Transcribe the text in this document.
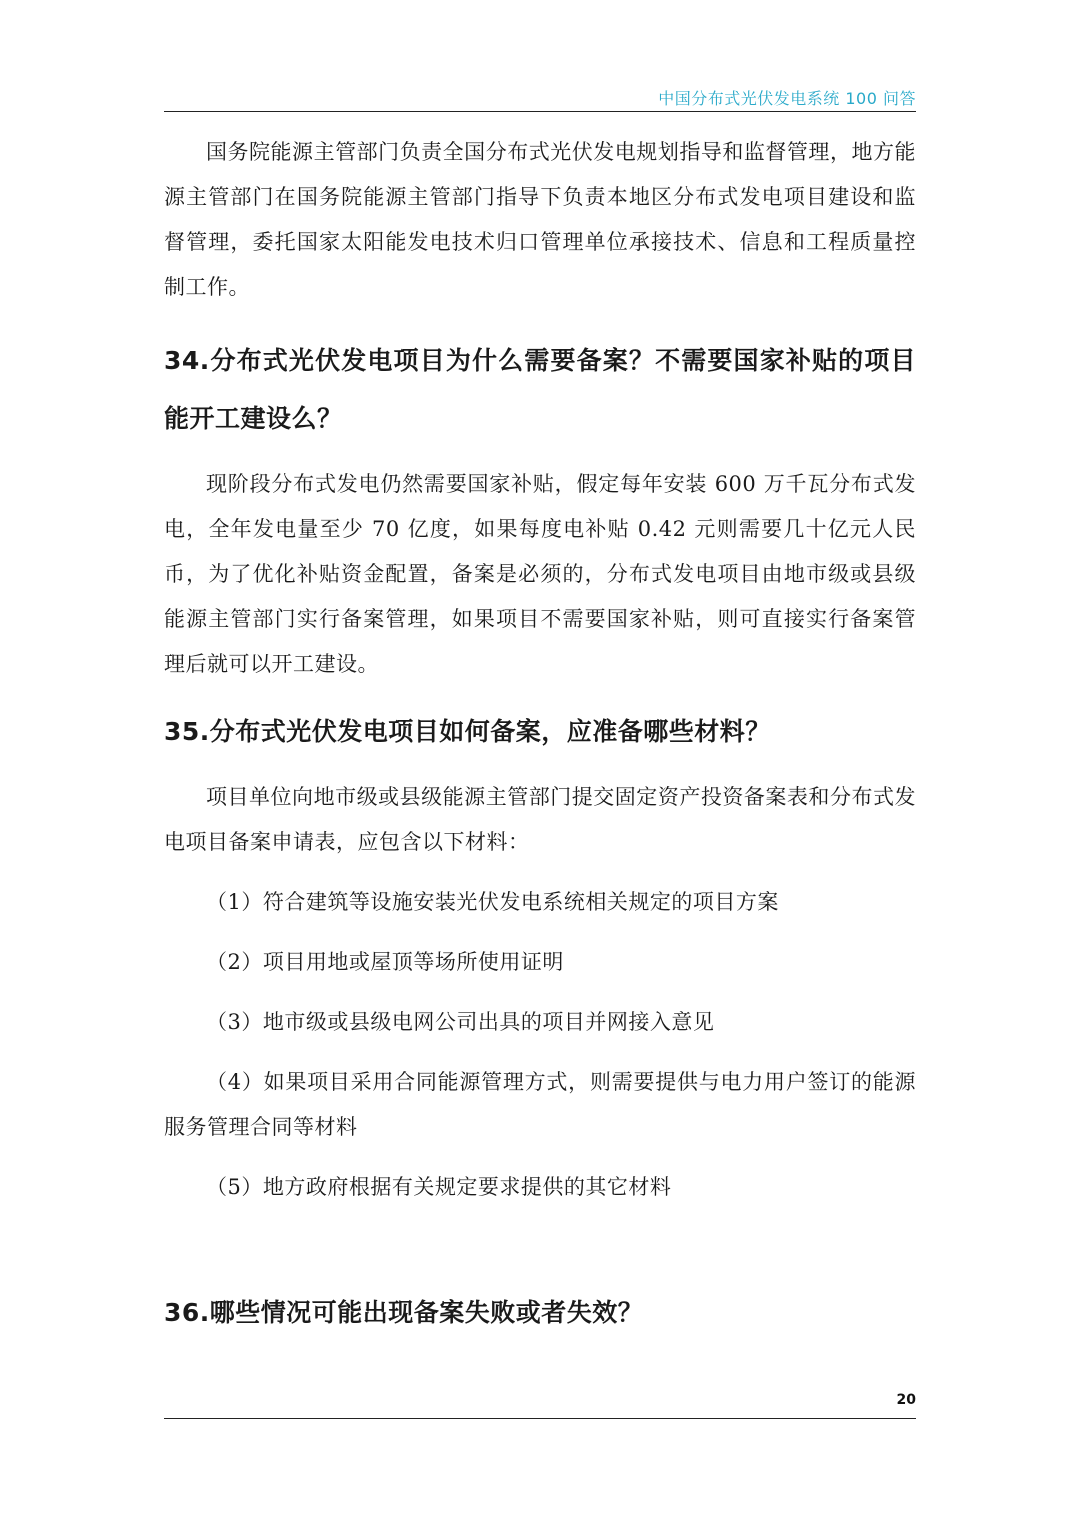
中国分布式光伏发电系统 100 问答

国务院能源主管部门负责全国分布式光伏发电规划指导和监督管理，地方能源主管部门在国务院能源主管部门指导下负责本地区分布式发电项目建设和监督管理，委托国家太阳能发电技术归口管理单位承接技术、信息和工程质量控制工作。

34.分布式光伏发电项目为什么需要备案？不需要国家补贴的项目能开工建设么？

现阶段分布式发电仍然需要国家补贴，假定每年安装 600 万千瓦分布式发电，全年发电量至少 70 亿度，如果每度电补贴 0.42 元则需要几十亿元人民币，为了优化补贴资金配置，备案是必须的，分布式发电项目由地市级或县级能源主管部门实行备案管理，如果项目不需要国家补贴，则可直接实行备案管理后就可以开工建设。

35.分布式光伏发电项目如何备案，应准备哪些材料？

项目单位向地市级或县级能源主管部门提交固定资产投资备案表和分布式发电项目备案申请表，应包含以下材料：

（1）符合建筑等设施安装光伏发电系统相关规定的项目方案

（2）项目用地或屋顶等场所使用证明

（3）地市级或县级电网公司出具的项目并网接入意见

（4）如果项目采用合同能源管理方式，则需要提供与电力用户签订的能源服务管理合同等材料

（5）地方政府根据有关规定要求提供的其它材料

36.哪些情况可能出现备案失败或者失效？
20
